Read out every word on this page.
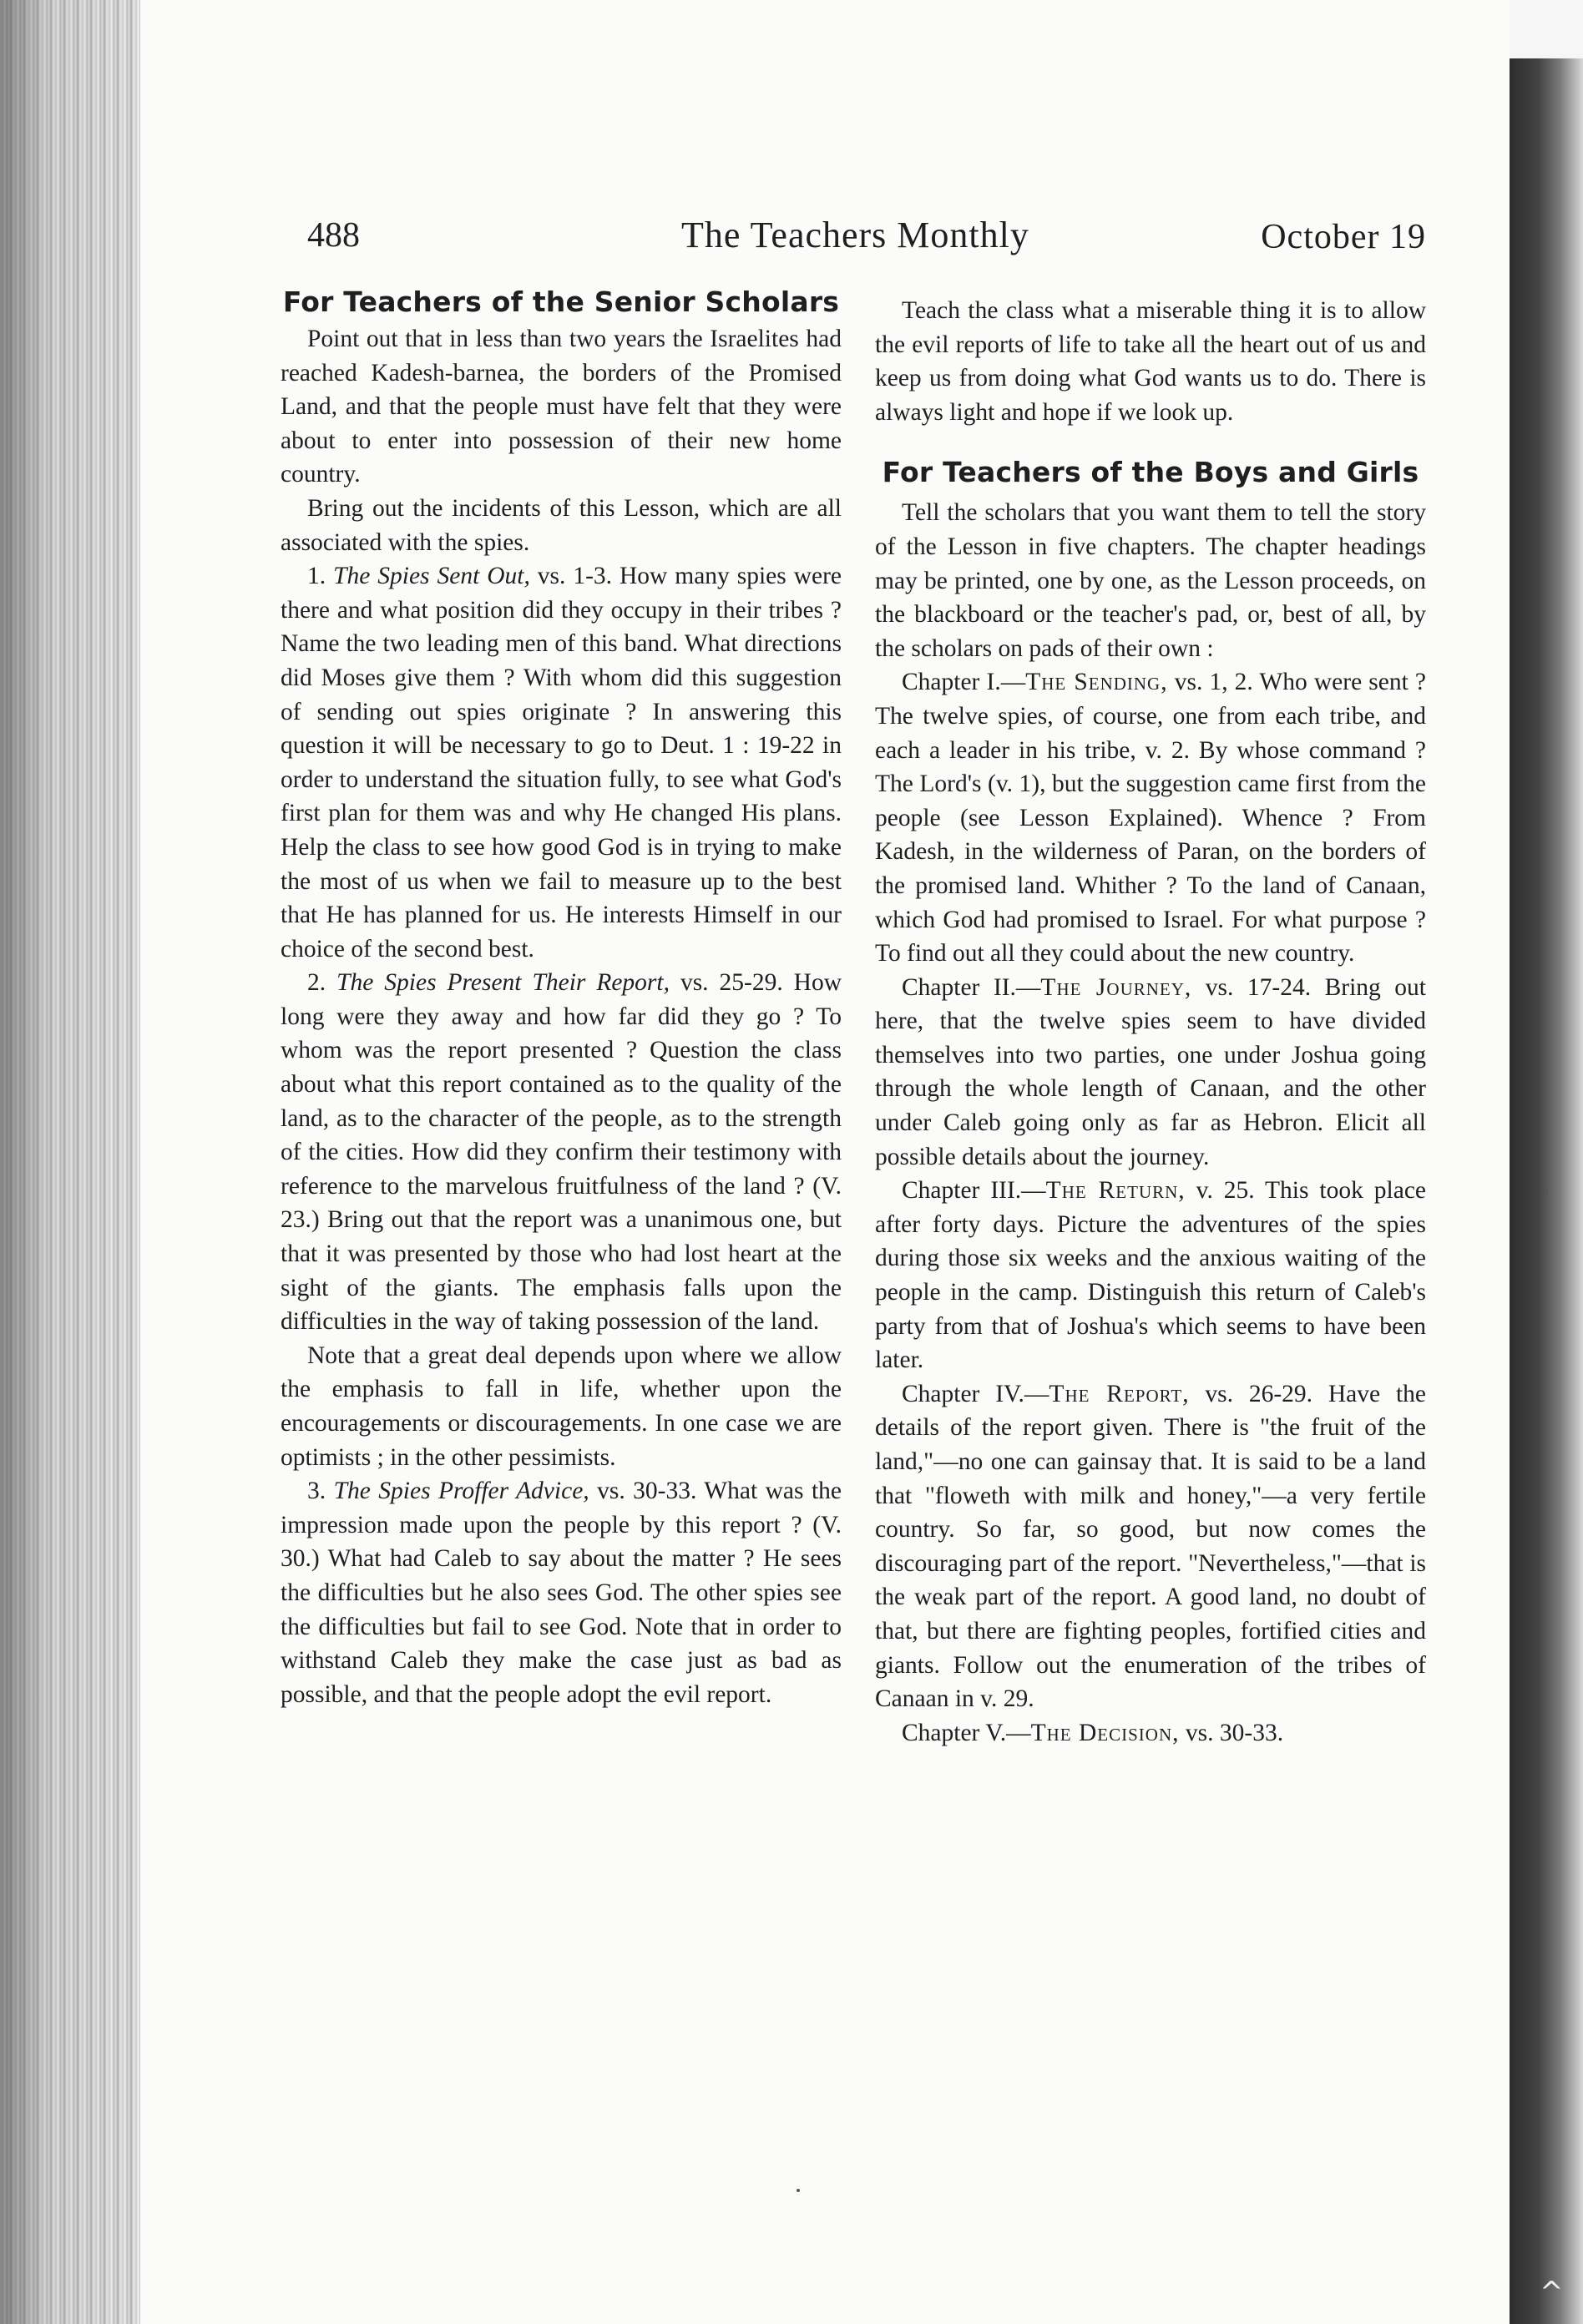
488	The Teachers Monthly	October 19
For Teachers of the Senior Scholars

Point out that in less than two years the Israelites had reached Kadesh-barnea, the borders of the Promised Land, and that the people must have felt that they were about to enter into possession of their new home country.

Bring out the incidents of this Lesson, which are all associated with the spies.

1. The Spies Sent Out, vs. 1-3. How many spies were there and what position did they occupy in their tribes ? Name the two leading men of this band. What directions did Moses give them ? With whom did this suggestion of sending out spies originate ? In answering this question it will be necessary to go to Deut. 1 : 19-22 in order to understand the situation fully, to see what God's first plan for them was and why He changed His plans. Help the class to see how good God is in trying to make the most of us when we fail to measure up to the best that He has planned for us. He interests Himself in our choice of the second best.

2. The Spies Present Their Report, vs. 25-29. How long were they away and how far did they go ? To whom was the report presented ? Question the class about what this report contained as to the quality of the land, as to the character of the people, as to the strength of the cities. How did they confirm their testimony with reference to the marvelous fruitfulness of the land ? (V. 23.) Bring out that the report was a unanimous one, but that it was presented by those who had lost heart at the sight of the giants. The emphasis falls upon the difficulties in the way of taking possession of the land.

Note that a great deal depends upon where we allow the emphasis to fall in life, whether upon the encouragements or discouragements. In one case we are optimists ; in the other pessimists.

3. The Spies Proffer Advice, vs. 30-33. What was the impression made upon the people by this report ? (V. 30.) What had Caleb to say about the matter ? He sees the difficulties but he also sees God. The other spies see the difficulties but fail to see God. Note that in order to withstand Caleb they make the case just as bad as possible, and that the people adopt the evil report.

Teach the class what a miserable thing it is to allow the evil reports of life to take all the heart out of us and keep us from doing what God wants us to do. There is always light and hope if we look up.

For Teachers of the Boys and Girls

Tell the scholars that you want them to tell the story of the Lesson in five chapters. The chapter headings may be printed, one by one, as the Lesson proceeds, on the blackboard or the teacher's pad, or, best of all, by the scholars on pads of their own :

Chapter I.—The Sending, vs. 1, 2. Who were sent ? The twelve spies, of course, one from each tribe, and each a leader in his tribe, v. 2. By whose command ? The Lord's (v. 1), but the suggestion came first from the people (see Lesson Explained). Whence ? From Kadesh, in the wilderness of Paran, on the borders of the promised land. Whither ? To the land of Canaan, which God had promised to Israel. For what purpose ? To find out all they could about the new country.

Chapter II.—The Journey, vs. 17-24. Bring out here, that the twelve spies seem to have divided themselves into two parties, one under Joshua going through the whole length of Canaan, and the other under Caleb going only as far as Hebron. Elicit all possible details about the journey.

Chapter III.—The Return, v. 25. This took place after forty days. Picture the adventures of the spies during those six weeks and the anxious waiting of the people in the camp. Distinguish this return of Caleb's party from that of Joshua's which seems to have been later.

Chapter IV.—The Report, vs. 26-29. Have the details of the report given. There is "the fruit of the land,"—no one can gainsay that. It is said to be a land that "floweth with milk and honey,"—a very fertile country. So far, so good, but now comes the discouraging part of the report. "Nevertheless,"—that is the weak part of the report. A good land, no doubt of that, but there are fighting peoples, fortified cities and giants. Follow out the enumeration of the tribes of Canaan in v. 29.

Chapter V.—The Decision, vs. 30-33.

^
